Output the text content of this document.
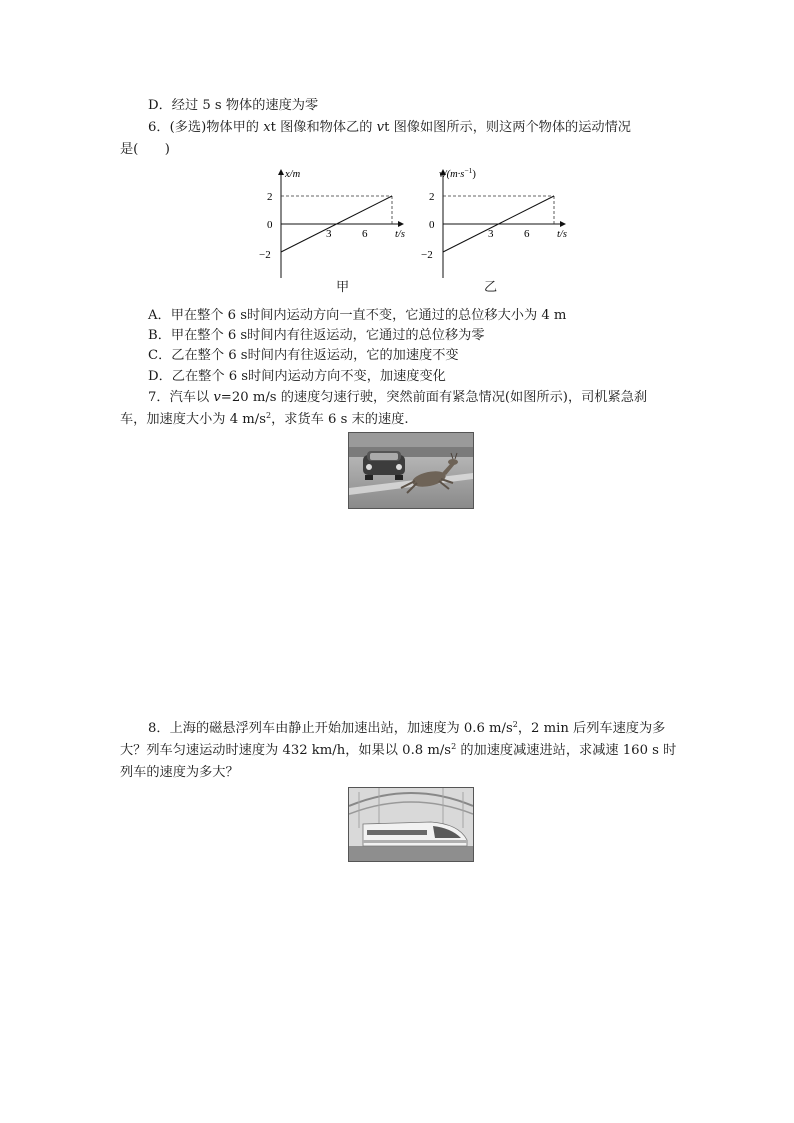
D．经过 5 s 物体的速度为零
6．(多选)物体甲的 xt 图像和物体乙的 vt 图像如图所示，则这两个物体的运动情况
是(　　)
x/m
t/s
2
0
−2
3	6
甲
$v/(m\cdot s^{-1})$
t/s
2
0
−2
3	6
乙
A．甲在整个 6 s时间内运动方向一直不变，它通过的总位移大小为 4 m
B．甲在整个 6 s时间内有往返运动，它通过的总位移为零
C．乙在整个 6 s时间内有往返运动，它的加速度不变
D．乙在整个 6 s时间内运动方向不变，加速度变化
7．汽车以 v=20 m/s 的速度匀速行驶，突然前面有紧急情况(如图所示)，司机紧急刹
车，加速度大小为 4 $m/s^2$，求货车 6 s 末的速度.
8．上海的磁悬浮列车由静止开始加速出站，加速度为 0.6 $m/s^2$，2 min 后列车速度为多
大？列车匀速运动时速度为 432 km/h，如果以 0.8 $m/s^2$ 的加速度减速进站，求减速 160 s 时
列车的速度为多大？
